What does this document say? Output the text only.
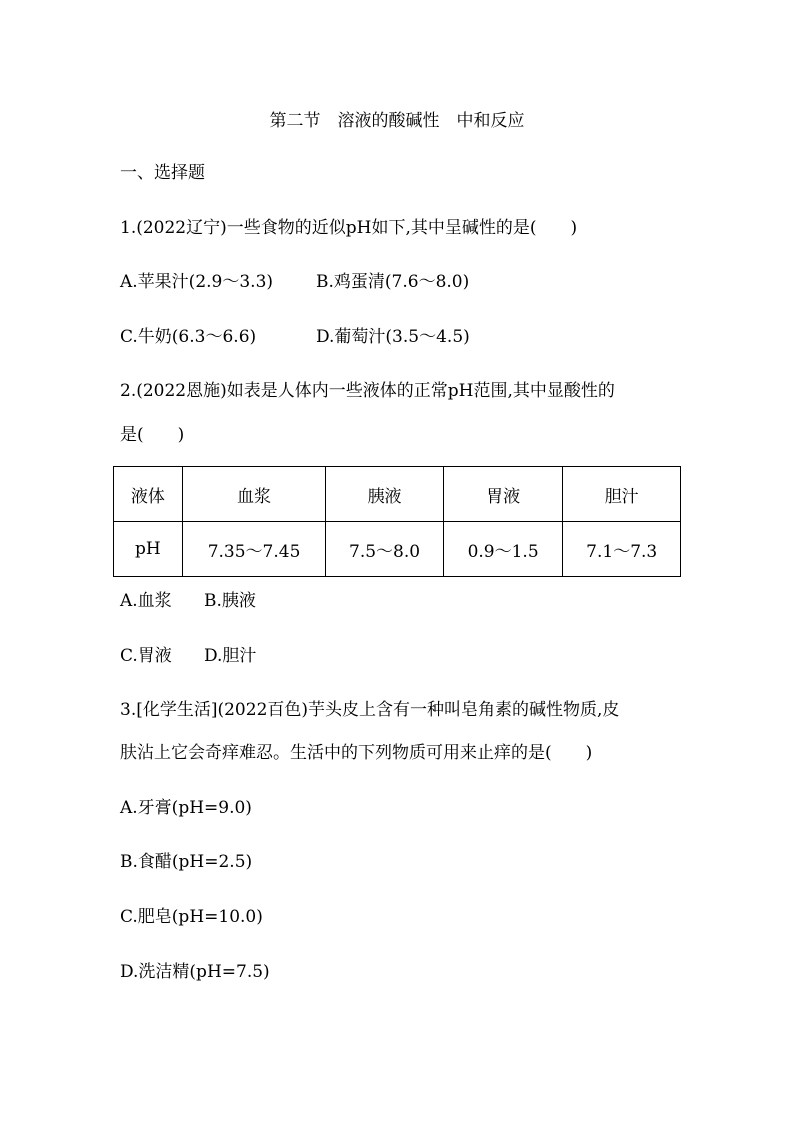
第二节　溶液的酸碱性　中和反应
一、选择题
1.(2022辽宁)一些食物的近似pH如下,其中呈碱性的是(　　)
A.苹果汁(2.9～3.3)	B.鸡蛋清(7.6～8.0)
C.牛奶(6.3～6.6)	D.葡萄汁(3.5～4.5)
2.(2022恩施)如表是人体内一些液体的正常pH范围,其中显酸性的
是(　　)
液体	血浆	胰液	胃液	胆汁
pH	7.35～7.45	7.5～8.0	0.9～1.5	7.1～7.3
A.血浆 B.胰液
C.胃液 D.胆汁
3.[化学生活](2022百色)芋头皮上含有一种叫皂角素的碱性物质,皮
肤沾上它会奇痒难忍。生活中的下列物质可用来止痒的是(　　)
A.牙膏(pH=9.0)
B.食醋(pH=2.5)
C.肥皂(pH=10.0)
D.洗洁精(pH=7.5)
